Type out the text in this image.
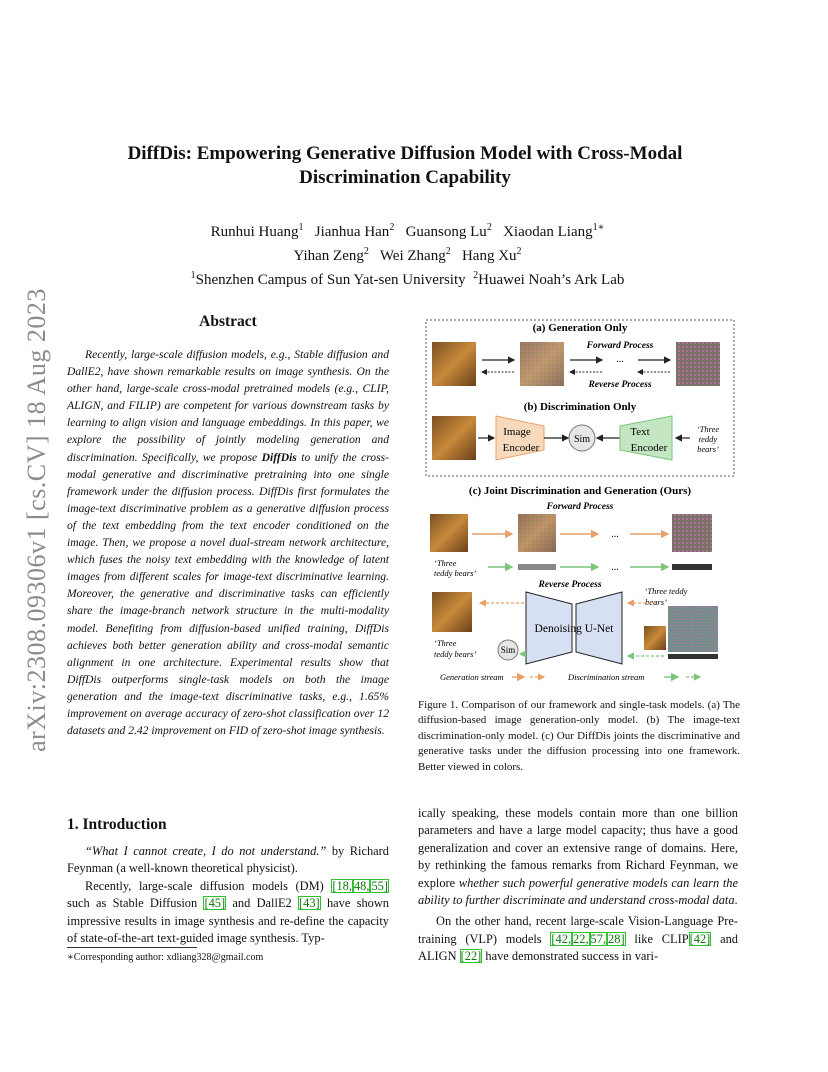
arXiv:2308.09306v1 [cs.CV] 18 Aug 2023
DiffDis: Empowering Generative Diffusion Model with Cross-Modal
Discrimination Capability
Runhui Huang$^1$ Jianhua Han$^2$ Guansong Lu$^2$ Xiaodan Liang$^{1∗}$
Yihan Zeng$^2$ Wei Zhang$^2$ Hang Xu$^2$
$^1$Shenzhen Campus of Sun Yat-sen University $^2$Huawei Noah’s Ark Lab
Abstract

Recently, large-scale diffusion models, e.g., Stable diffusion and DallE2, have shown remarkable results on image synthesis. On the other hand, large-scale cross-modal pretrained models (e.g., CLIP, ALIGN, and FILIP) are competent for various downstream tasks by learning to align vision and language embeddings. In this paper, we explore the possibility of jointly modeling generation and discrimination. Specifically, we propose DiffDis to unify the cross-modal generative and discriminative pretraining into one single framework under the diffusion process. DiffDis first formulates the image-text discriminative problem as a generative diffusion process of the text embedding from the text encoder conditioned on the image. Then, we propose a novel dual-stream network architecture, which fuses the noisy text embedding with the knowledge of latent images from different scales for image-text discriminative learning. Moreover, the generative and discriminative tasks can efficiently share the image-branch network structure in the multi-modality model. Benefiting from diffusion-based unified training, DiffDis achieves both better generation ability and cross-modal semantic alignment in one architecture. Experimental results show that DiffDis outperforms single-task models on both the image generation and the image-text discriminative tasks, e.g., 1.65% improvement on average accuracy of zero-shot classification over 12 datasets and 2.42 improvement on FID of zero-shot image synthesis.

1. Introduction

“What I cannot create, I do not understand.” by Richard Feynman (a well-known theoretical physicist).

Recently, large-scale diffusion models (DM) [18, 48, 55] such as Stable Diffusion [45] and DallE2 [43] have shown impressive results in image synthesis and re-define the capacity of state-of-the-art text-guided image synthesis. Typ-

ically speaking, these models contain more than one billion parameters and have a large model capacity; thus have a good generalization and cover an extensive range of domains. Here, by rethinking the famous remarks from Richard Feynman, we explore whether such powerful generative models can learn the ability to further discriminate and understand cross-modal data.

On the other hand, recent large-scale Vision-Language Pre-training (VLP) models [42, 22, 57, 28] like CLIP[42] and ALIGN [22] have demonstrated success in vari-

∗Corresponding author: xdliang328@gmail.com
(a) Generation Only
Forward Process
...
Reverse Process
(b) Discrimination Only
Image
Encoder
Sim
Text
Encoder
‘Three
teddy
bears’
(c) Joint Discrimination and Generation (Ours)
Forward Process
...
‘Three
teddy bears’	...
Reverse Process
‘Three teddy
bears’
Denoising U-Net
‘Three
teddy bears’	Sim
Generation stream	Discrimination stream
Figure 1. Comparison of our framework and single-task models. (a) The diffusion-based image generation-only model. (b) The image-text discrimination-only model. (c) Our DiffDis joints the discriminative and generative tasks under the diffusion processing into one framework. Better viewed in colors.
